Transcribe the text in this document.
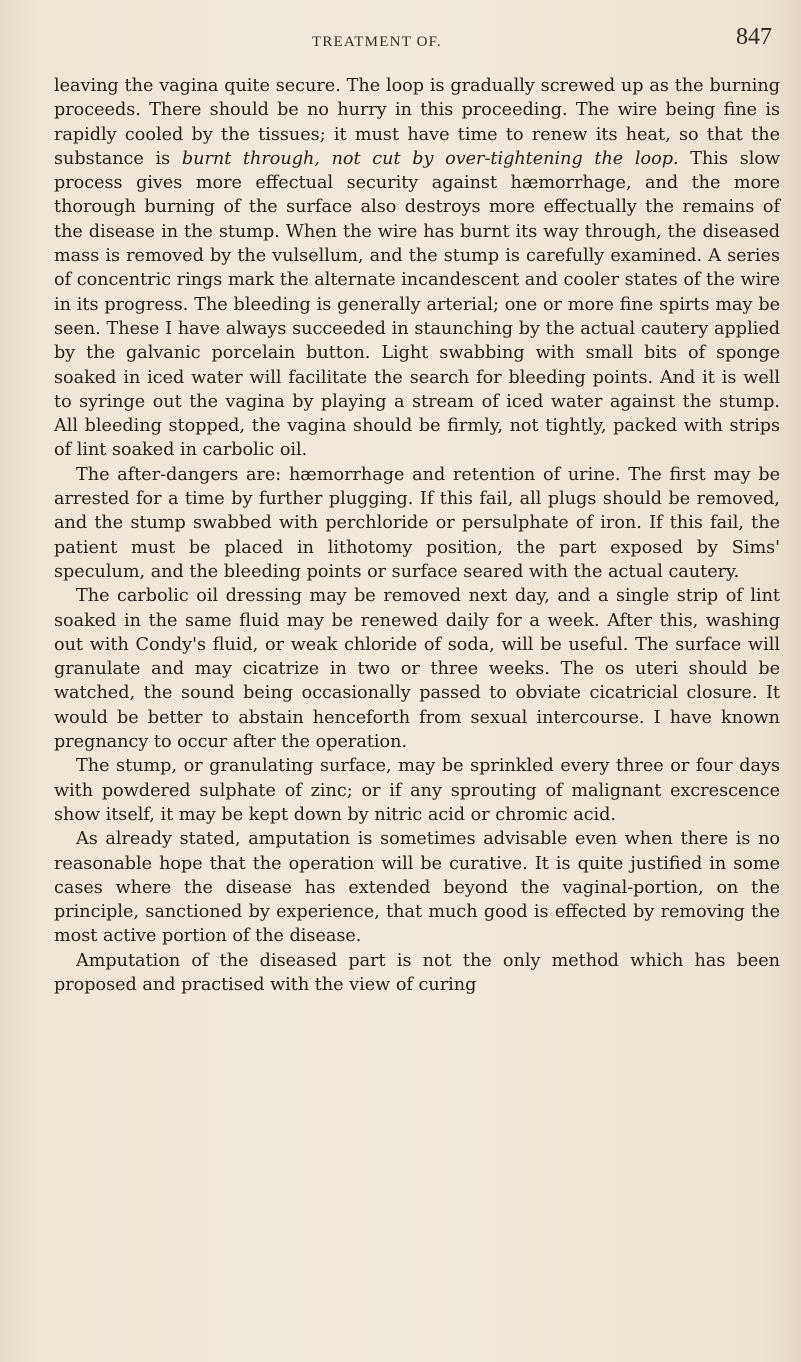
TREATMENT OF.	847

leaving the vagina quite secure. The loop is gradually screwed up as the burning proceeds. There should be no hurry in this proceeding. The wire being fine is rapidly cooled by the tissues; it must have time to renew its heat, so that the substance is burnt through, not cut by over-tightening the loop. This slow process gives more effectual security against hæmorrhage, and the more thorough burning of the surface also destroys more effectually the remains of the disease in the stump. When the wire has burnt its way through, the diseased mass is removed by the vulsellum, and the stump is carefully examined. A series of concentric rings mark the alternate incandescent and cooler states of the wire in its progress. The bleeding is generally arterial; one or more fine spirts may be seen. These I have always succeeded in staunching by the actual cautery applied by the galvanic porcelain button. Light swabbing with small bits of sponge soaked in iced water will facilitate the search for bleeding points. And it is well to syringe out the vagina by playing a stream of iced water against the stump. All bleeding stopped, the vagina should be firmly, not tightly, packed with strips of lint soaked in carbolic oil.

The after-dangers are: hæmorrhage and retention of urine. The first may be arrested for a time by further plugging. If this fail, all plugs should be removed, and the stump swabbed with perchloride or persulphate of iron. If this fail, the patient must be placed in lithotomy position, the part exposed by Sims' speculum, and the bleeding points or surface seared with the actual cautery.

The carbolic oil dressing may be removed next day, and a single strip of lint soaked in the same fluid may be renewed daily for a week. After this, washing out with Condy's fluid, or weak chloride of soda, will be useful. The surface will granulate and may cicatrize in two or three weeks. The os uteri should be watched, the sound being occasionally passed to obviate cicatricial closure. It would be better to abstain henceforth from sexual intercourse. I have known pregnancy to occur after the operation.

The stump, or granulating surface, may be sprinkled every three or four days with powdered sulphate of zinc; or if any sprouting of malignant excrescence show itself, it may be kept down by nitric acid or chromic acid.

As already stated, amputation is sometimes advisable even when there is no reasonable hope that the operation will be curative. It is quite justified in some cases where the disease has extended beyond the vaginal-portion, on the principle, sanctioned by experience, that much good is effected by removing the most active portion of the disease.

Amputation of the diseased part is not the only method which has been proposed and practised with the view of curing
